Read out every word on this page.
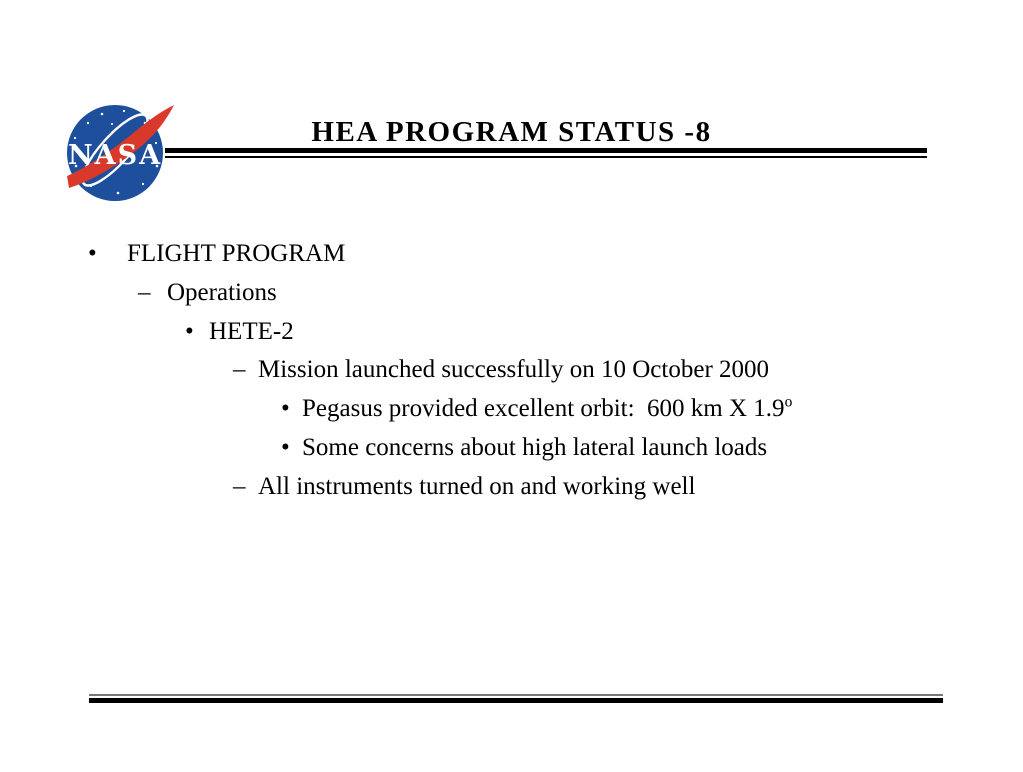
NASA
HEA PROGRAM STATUS -8
•	FLIGHT PROGRAM
– Operations
• HETE-2
– Mission launched successfully on 10 October 2000
• Pegasus provided excellent orbit:  600 km X 1.9$^o$
• Some concerns about high lateral launch loads
– All instruments turned on and working well
